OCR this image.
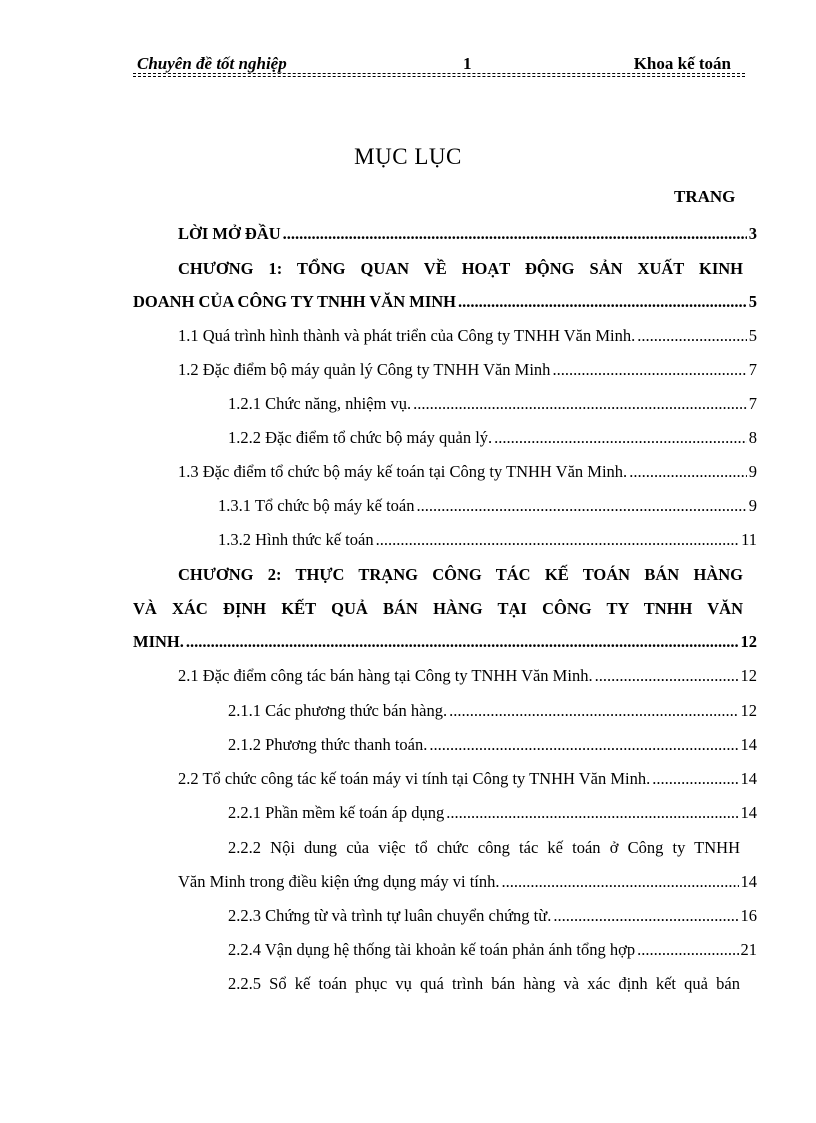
Chuyên đề tốt nghiệp	1	Khoa kế toán
MỤC LỤC
TRANG
LỜI MỞ ĐẦU .....	3
CHƯƠNG 1: TỔNG QUAN VỀ HOẠT ĐỘNG SẢN XUẤT KINH
DOANH CỦA CÔNG TY TNHH VĂN MINH .....	5
1.1 Quá trình hình thành và phát triển của Công ty TNHH Văn Minh. .....	5
1.2 Đặc điểm bộ máy quản lý Công ty TNHH Văn Minh .....	7
1.2.1 Chức năng, nhiệm vụ. .....	7
1.2.2 Đặc điểm tổ chức bộ máy quản lý. .....	8
1.3 Đặc điểm tổ chức bộ máy kế toán tại Công ty TNHH Văn Minh. .....	9
1.3.1 Tổ chức bộ máy kế toán .....	9
1.3.2 Hình thức kế toán .....	11
CHƯƠNG 2: THỰC TRẠNG CÔNG TÁC KẾ TOÁN BÁN HÀNG
VÀ XÁC ĐỊNH KẾT QUẢ BÁN HÀNG TẠI CÔNG TY TNHH VĂN
MINH. .....	12
2.1 Đặc điểm công tác bán hàng tại Công ty TNHH Văn Minh. .....	12
2.1.1 Các phương thức bán hàng. .....	12
2.1.2 Phương thức thanh toán. .....	14
2.2 Tổ chức công tác kế toán máy vi tính tại Công ty TNHH Văn Minh. .....	14
2.2.1 Phần mềm kế toán áp dụng .....	14
2.2.2 Nội dung của việc tổ chức công tác kế toán ở Công ty TNHH
Văn Minh trong điều kiện ứng dụng máy vi tính. .....	14
2.2.3 Chứng từ và trình tự luân chuyển chứng từ. .....	16
2.2.4 Vận dụng hệ thống tài khoản kế toán phản ánh tổng hợp .....	21
2.2.5 Sổ kế toán phục vụ quá trình bán hàng và xác định kết quả bán
